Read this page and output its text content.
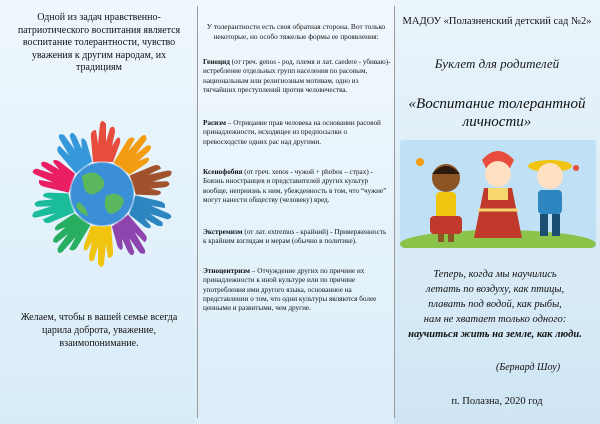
Одной из задач нравственно-патриотического воспитания является воспитание толерантности, чувство уважения к другим народам, их традициям
Желаем, чтобы в вашей семье всегда царила доброта, уважение, взаимопонимание.
У толерантности есть своя обратная сторона. Вот только некоторые, но особо тяжелые формы ее проявления:
Геноцид (от греч. genos - род, племя и лат. caedere - убиваю)- истребление отдельных групп населения по расовым, национальным или религиозным мотивам, одно из тягчайших преступлений против человечества.
Расизм – Отрицание прав человека на основании расовой принадлежности, исходящее из предпосылки о превосходстве одних рас над другими.
Ксенофобия (от греч. xenos - чужой + phobos – страх) - Боязнь иностранцев и представителей других культур вообще, неприязнь к ним, убежденность в том, что “чужие” могут нанести обществу (человеку) вред.
Экстремизм (от лат. extremus - крайний) - Приверженность к крайним взглядам и мерам (обычно в политике).
Этноцентризм – Отчуждение других по причине их принадлежности к иной культуре или по причине употребления ими другого языка, основанное на представлении о том, что одни культуры являются более ценными и развитыми, чем другие.
МАДОУ «Полазненский детский сад №2»
Буклет для родителей
«Воспитание толерантной личности»
Теперь, когда мы научились
летать по воздуху, как птицы,
плавать под водой, как рыбы,
нам не хватает только одного:
научиться жить на земле, как люди.
(Бернард Шоу)
п. Полазна, 2020 год
